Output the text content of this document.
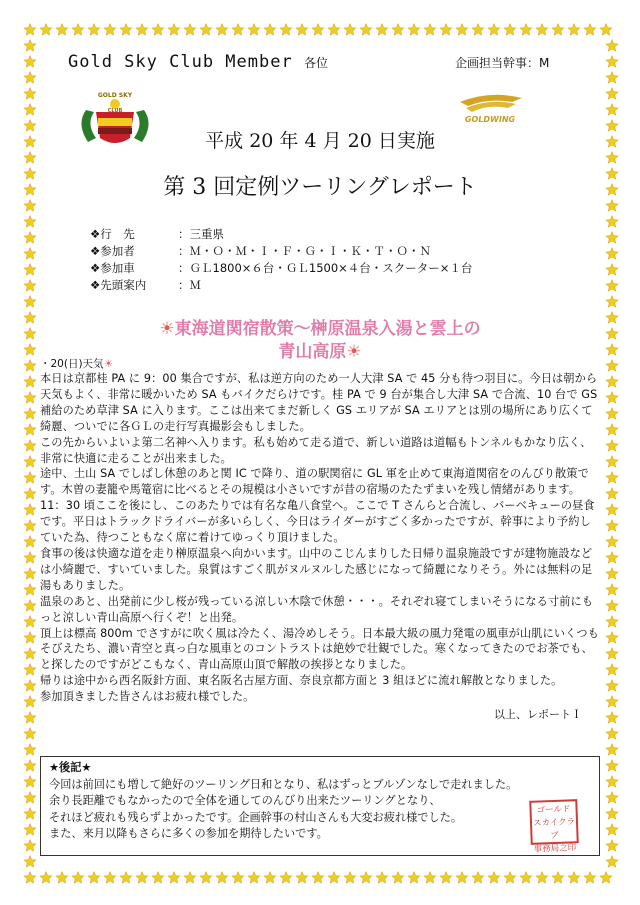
Gold Sky Club Member 各位	企画担当幹事：M
GOLD SKY
CLUB
GOLDWING
平成 20 年 4 月 20 日実施
第 3 回定例ツーリングレポート
❖行　先	：三重県
❖参加者	：Ｍ・Ｏ・Ｍ・Ｉ・Ｆ・Ｇ・Ｉ・Ｋ・Ｔ・Ｏ・Ｎ
❖参加車	：ＧＬ1800×６台・ＧＬ1500×４台・スクーター×１台
❖先頭案内	：Ｍ
☀東海道関宿散策～榊原温泉入湯と雲上の
青山高原☀
・20(日)天気☀

本日は京都桂 PA に 9：00 集合ですが、私は逆方向のため一人大津 SA で 45 分も待つ羽目に。今日は朝から天気もよく、非常に暖かいため SA もバイクだらけです。桂 PA で 9 台が集合し大津 SA で合流、10 台で GS 補給のため草津 SA に入ります。ここは出来てまだ新しく GS エリアが SA エリアとは別の場所にあり広くて綺麗、ついでに各ＧＬの走行写真撮影会もしました。

この先からいよいよ第二名神へ入ります。私も始めて走る道で、新しい道路は道幅もトンネルもかなり広く、非常に快適に走ることが出来ました。

途中、土山 SA でしばし休憩のあと関 IC で降り、道の駅関宿に GL 軍を止めて東海道関宿をのんびり散策です。木曽の妻籠や馬篭宿に比べるとその規模は小さいですが昔の宿場のたたずまいを残し情緒があります。

11：30 頃ここを後にし、このあたりでは有名な亀八食堂へ。ここで T さんらと合流し、バーベキューの昼食です。平日はトラックドライバーが多いらしく、今日はライダーがすごく多かったですが、幹事により予約していた為、待つこともなく席に着けてゆっくり頂けました。

食事の後は快適な道を走り榊原温泉へ向かいます。山中のこじんまりした日帰り温泉施設ですが建物施設などは小綺麗で、すいていました。泉質はすごく肌がヌルヌルした感じになって綺麗になりそう。外には無料の足湯もありました。

温泉のあと、出発前に少し桜が残っている涼しい木陰で休憩・・・。それぞれ寝てしまいそうになる寸前にもっと涼しい青山高原へ行くぞ！と出発。

頂上は標高 800m でさすがに吹く風は冷たく、湯冷めしそう。日本最大級の風力発電の風車が山肌にいくつもそびえたち、濃い青空と真っ白な風車とのコントラストは絶妙で壮観でした。寒くなってきたのでお茶でも、と探したのですがどこもなく、青山高原山頂で解散の挨拶となりました。

帰りは途中から西名阪針方面、東名阪名古屋方面、奈良京都方面と 3 組ほどに流れ解散となりました。

参加頂きました皆さんはお疲れ様でした。

以上、レポートＩ

★後記★

今回は前回にも増して絶好のツーリング日和となり、私はずっとブルゾンなしで走れました。

余り長距離でもなかったので全体を通してのんびり出来たツーリングとなり、

それほど疲れも残らずよかったです。企画幹事の村山さんも大変お疲れ様でした。

また、来月以降もさらに多くの参加を期待したいです。

ゴールド
スカイクラブ
事務局之印
